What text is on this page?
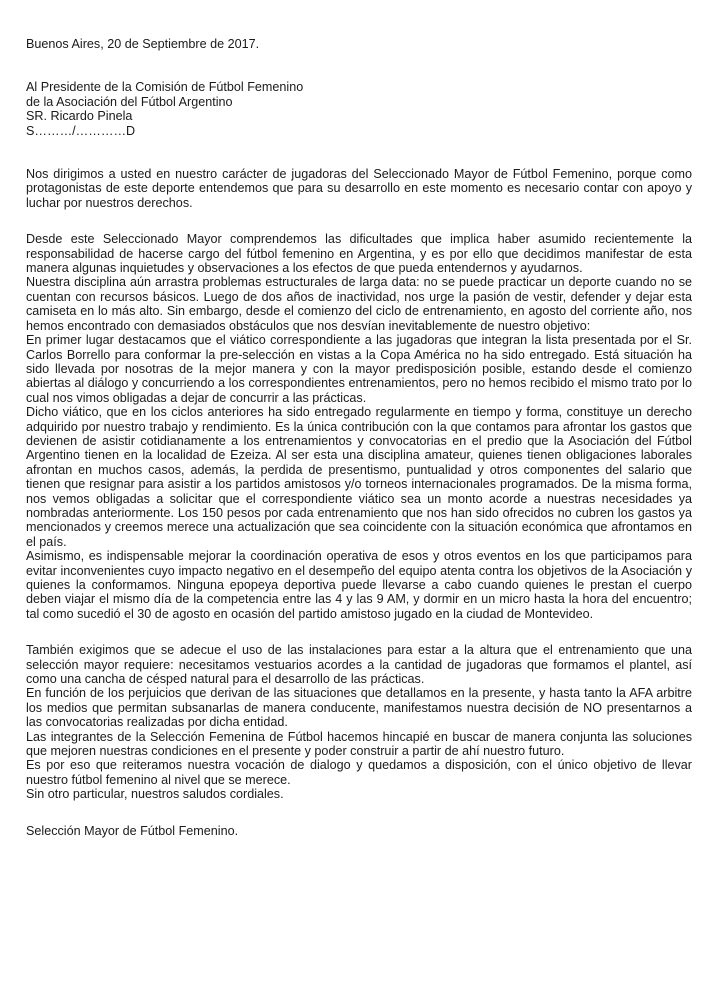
Buenos Aires, 20 de Septiembre de 2017.

Al Presidente de la Comisión de Fútbol Femenino

de la Asociación del Fútbol Argentino

SR. Ricardo Pinela

S………/…………D

Nos dirigimos a usted en nuestro carácter de jugadoras del Seleccionado Mayor de Fútbol Femenino, porque como protagonistas de este deporte entendemos que para su desarrollo en este momento es necesario contar con apoyo y luchar por nuestros derechos.

Desde este Seleccionado Mayor comprendemos las dificultades que implica haber asumido recientemente la responsabilidad de hacerse cargo del fútbol femenino en Argentina, y es por ello que decidimos manifestar de esta manera algunas inquietudes y observaciones a los efectos de que pueda entendernos y ayudarnos.

Nuestra disciplina aún arrastra problemas estructurales de larga data: no se puede practicar un deporte cuando no se cuentan con recursos básicos. Luego de dos años de inactividad, nos urge la pasión de vestir, defender y dejar esta camiseta en lo más alto. Sin embargo, desde el comienzo del ciclo de entrenamiento, en agosto del corriente año, nos hemos encontrado con demasiados obstáculos que nos desvían inevitablemente de nuestro objetivo:

En primer lugar destacamos que el viático correspondiente a las jugadoras que integran la lista presentada por el Sr. Carlos Borrello para conformar la pre-selección en vistas a la Copa América no ha sido entregado. Está situación ha sido llevada por nosotras de la mejor manera y con la mayor predisposición posible, estando desde el comienzo abiertas al diálogo y concurriendo a los correspondientes entrenamientos, pero no hemos recibido el mismo trato por lo cual nos vimos obligadas a dejar de concurrir a las prácticas.

Dicho viático, que en los ciclos anteriores ha sido entregado regularmente en tiempo y forma, constituye un derecho adquirido por nuestro trabajo y rendimiento. Es la única contribución con la que contamos para afrontar los gastos que devienen de asistir cotidianamente a los entrenamientos y convocatorias en el predio que la Asociación del Fútbol Argentino tienen en la localidad de Ezeiza. Al ser esta una disciplina amateur, quienes tienen obligaciones laborales afrontan en muchos casos, además, la perdida de presentismo, puntualidad y otros componentes del salario que tienen que resignar para asistir a los partidos amistosos y/o torneos internacionales programados. De la misma forma, nos vemos obligadas a solicitar que el correspondiente viático sea un monto acorde a nuestras necesidades ya nombradas anteriormente. Los 150 pesos por cada entrenamiento que nos han sido ofrecidos no cubren los gastos ya mencionados y creemos merece una actualización que sea coincidente con la situación económica que afrontamos en el país.

Asimismo, es indispensable mejorar la coordinación operativa de esos y otros eventos en los que participamos para evitar inconvenientes cuyo impacto negativo en el desempeño del equipo atenta contra los objetivos de la Asociación y quienes la conformamos. Ninguna epopeya deportiva puede llevarse a cabo cuando quienes le prestan el cuerpo deben viajar el mismo día de la competencia entre las 4 y las 9 AM, y dormir en un micro hasta la hora del encuentro; tal como sucedió el 30 de agosto en ocasión del partido amistoso jugado en la ciudad de Montevideo.

También exigimos que se adecue el uso de las instalaciones para estar a la altura que el entrenamiento que una selección mayor requiere: necesitamos vestuarios acordes a la cantidad de jugadoras que formamos el plantel, así como una cancha de césped natural para el desarrollo de las prácticas.

En función de los perjuicios que derivan de las situaciones que detallamos en la presente, y hasta tanto la AFA arbitre los medios que permitan subsanarlas de manera conducente, manifestamos nuestra decisión de NO presentarnos a las convocatorias realizadas por dicha entidad.

Las integrantes de la Selección Femenina de Fútbol hacemos hincapié en buscar de manera conjunta las soluciones que mejoren nuestras condiciones en el presente y poder construir a partir de ahí nuestro futuro.

Es por eso que reiteramos nuestra vocación de dialogo y quedamos a disposición, con el único objetivo de llevar nuestro fútbol femenino al nivel que se merece.

Sin otro particular, nuestros saludos cordiales.

Selección Mayor de Fútbol Femenino.
